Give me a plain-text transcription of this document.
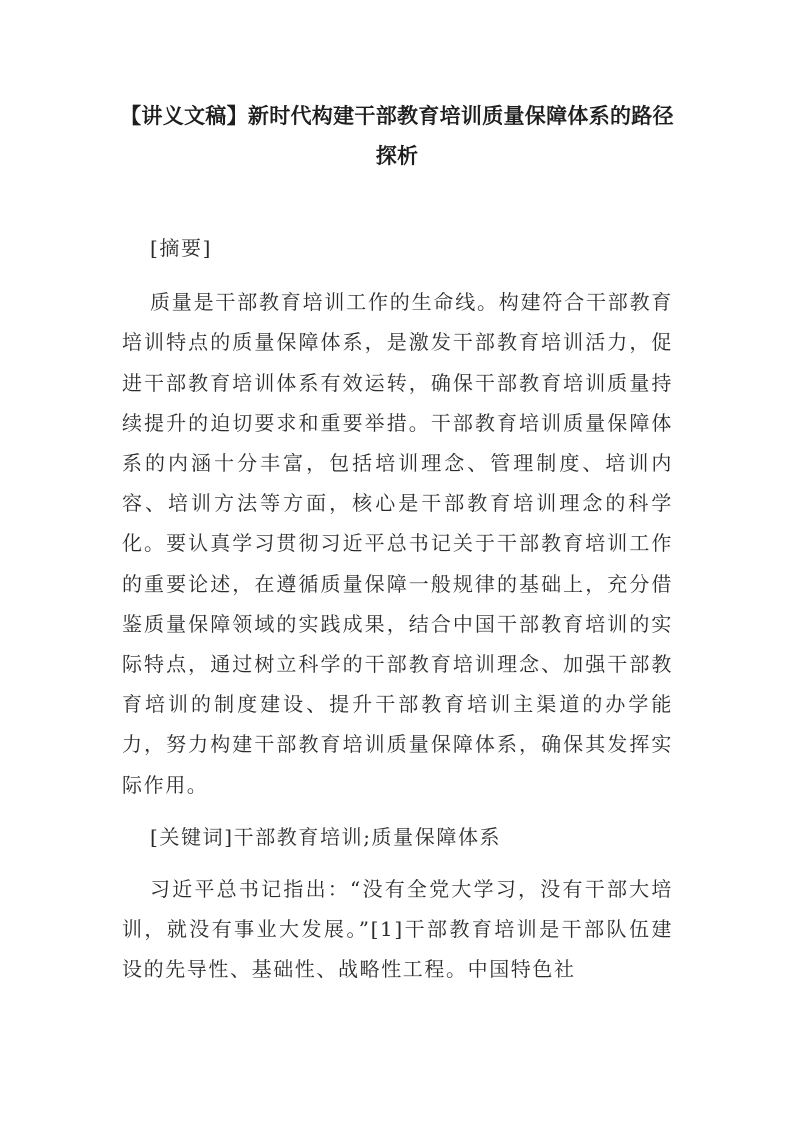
【讲义文稿】新时代构建干部教育培训质量保障体系的路径探析

[摘要]

质量是干部教育培训工作的生命线。构建符合干部教育培训特点的质量保障体系，是激发干部教育培训活力，促进干部教育培训体系有效运转，确保干部教育培训质量持续提升的迫切要求和重要举措。干部教育培训质量保障体系的内涵十分丰富，包括培训理念、管理制度、培训内容、培训方法等方面，核心是干部教育培训理念的科学化。要认真学习贯彻习近平总书记关于干部教育培训工作的重要论述，在遵循质量保障一般规律的基础上，充分借鉴质量保障领域的实践成果，结合中国干部教育培训的实际特点，通过树立科学的干部教育培训理念、加强干部教育培训的制度建设、提升干部教育培训主渠道的办学能力，努力构建干部教育培训质量保障体系，确保其发挥实际作用。

[关键词]干部教育培训;质量保障体系

习近平总书记指出：“没有全党大学习，没有干部大培训，就没有事业大发展。”[1]干部教育培训是干部队伍建设的先导性、基础性、战略性工程。中国特色社
